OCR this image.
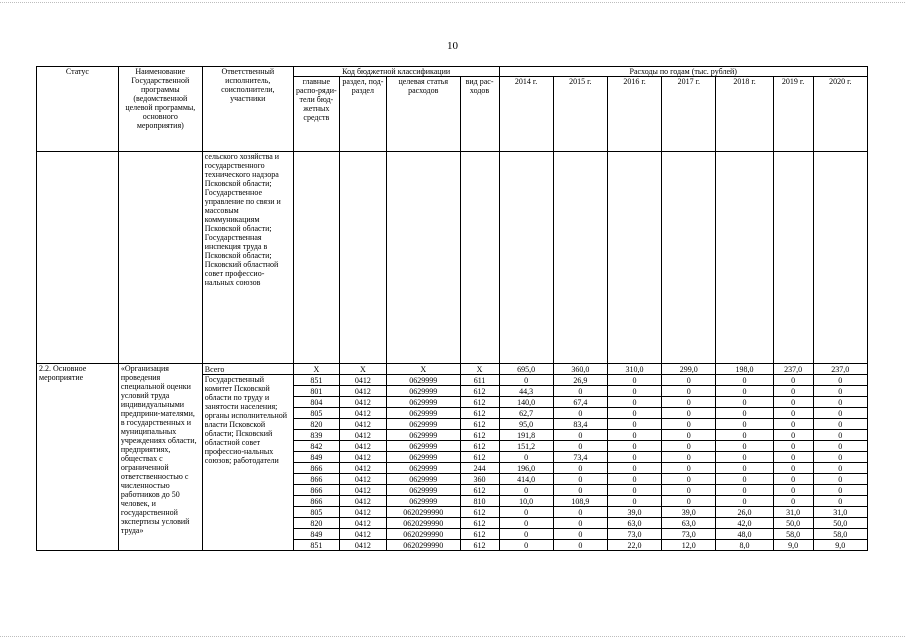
10
Статус	Наименование Государственной программы (ведомственной целевой программы, основного мероприятия)	Ответственный исполнитель, соисполнители, участники	Код бюджетной классификации				Расходы по годам (тыс. рублей)						
			главные распо-ряди-тели бюд-жетных средств	раздел, под-раздел	целевая статья расходов	вид рас-ходов	2014 г.	2015 г.	2016 г.	2017 г.	2018 г.	2019 г.	2020 г.
		сельского хозяйства и государственного технического надзора Псковской области; Государственное управление по связи и массовым коммуникациям Псковской области; Государственная инспекция труда в Псковской области; Псковский областной совет профессио-нальных союзов											
2.2. Основное мероприятие	«Организация проведения специальной оценки условий труда индивидуальными предприни-мателями, в государственных и муниципальных учреждениях области, предприятиях, обществах с ограниченной ответственностью с численностью работников до 50 человек, и государственной экспертизы условий труда»	Всего	X	X	X	X	695,0	360,0	310,0	299,0	198,0	237,0	237,0
		Государственный комитет Псковской области по труду и занятости населения; органы исполнительной власти Псковской области; Псковский областной совет профессио-нальных союзов; работодатели	851	0412	0629999	611	0	26,9	0	0	0	0	0
			801	0412	0629999	612	44,3	0	0	0	0	0	0
			804	0412	0629999	612	140,0	67,4	0	0	0	0	0
			805	0412	0629999	612	62,7	0	0	0	0	0	0
			820	0412	0629999	612	95,0	83,4	0	0	0	0	0
			839	0412	0629999	612	191,8	0	0	0	0	0	0
			842	0412	0629999	612	151,2	0	0	0	0	0	0
			849	0412	0629999	612	0	73,4	0	0	0	0	0
			866	0412	0629999	244	196,0	0	0	0	0	0	0
			866	0412	0629999	360	414,0	0	0	0	0	0	0
			866	0412	0629999	612	0	0	0	0	0	0	0
			866	0412	0629999	810	10,0	108,9	0	0	0	0	0
			805	0412	0620299990	612	0	0	39,0	39,0	26,0	31,0	31,0
			820	0412	0620299990	612	0	0	63,0	63,0	42,0	50,0	50,0
			849	0412	0620299990	612	0	0	73,0	73,0	48,0	58,0	58,0
			851	0412	0620299990	612	0	0	22,0	12,0	8,0	9,0	9,0
